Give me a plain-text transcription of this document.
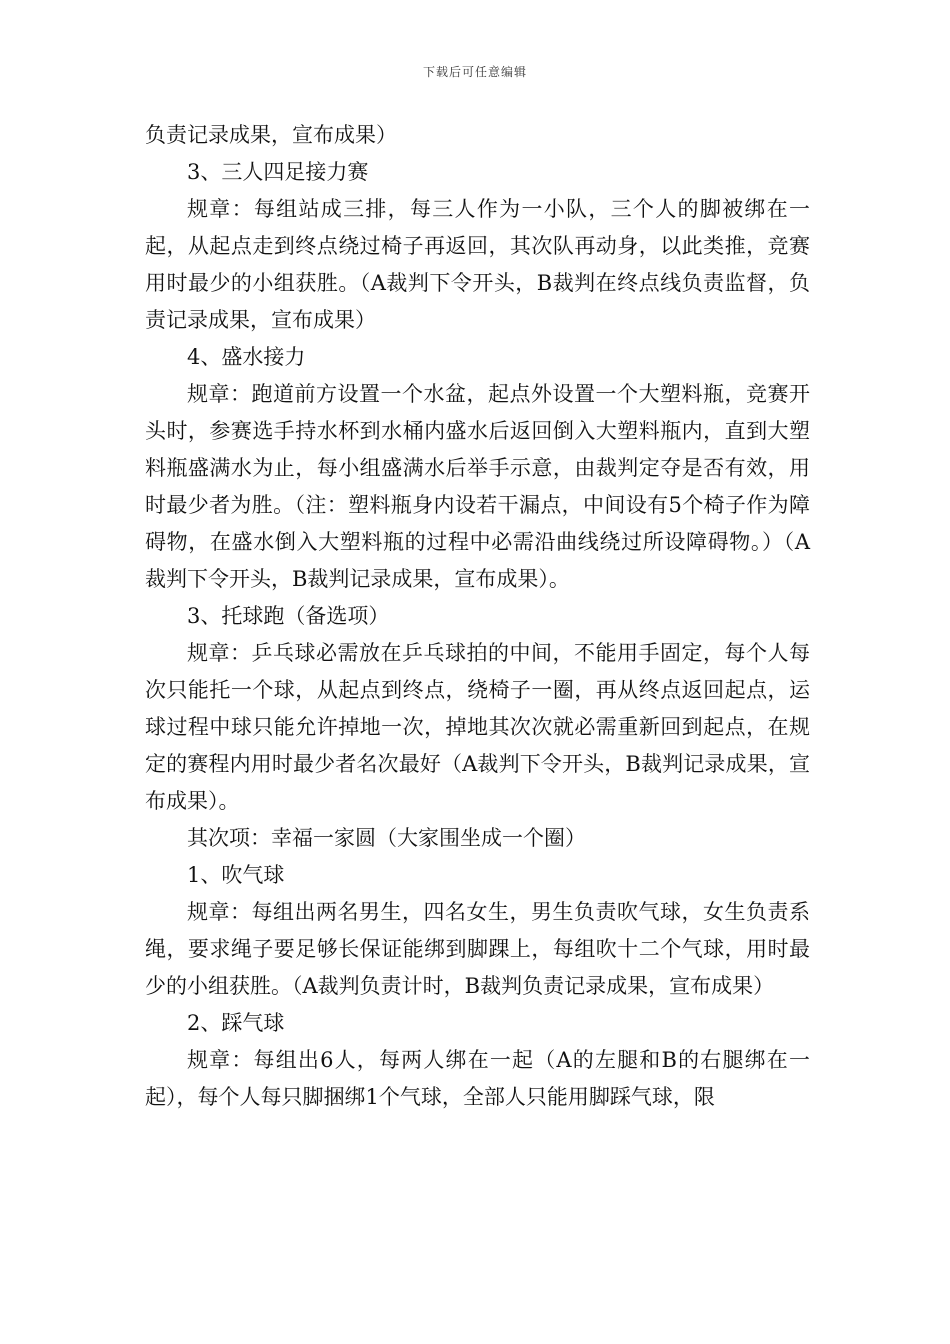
下载后可任意编辑

负责记录成果，宣布成果）

3、三人四足接力赛

规章：每组站成三排，每三人作为一小队，三个人的脚被绑在一起，从起点走到终点绕过椅子再返回，其次队再动身，以此类推，竞赛用时最少的小组获胜。（A裁判下令开头，B裁判在终点线负责监督，负责记录成果，宣布成果）

4、盛水接力

规章：跑道前方设置一个水盆，起点外设置一个大塑料瓶，竞赛开头时，参赛选手持水杯到水桶内盛水后返回倒入大塑料瓶内，直到大塑料瓶盛满水为止，每小组盛满水后举手示意，由裁判定夺是否有效，用时最少者为胜。（注：塑料瓶身内设若干漏点，中间设有5个椅子作为障碍物，在盛水倒入大塑料瓶的过程中必需沿曲线绕过所设障碍物。）（A裁判下令开头，B裁判记录成果，宣布成果）。

3、托球跑（备选项）

规章：乒乓球必需放在乒乓球拍的中间，不能用手固定，每个人每次只能托一个球，从起点到终点，绕椅子一圈，再从终点返回起点，运球过程中球只能允许掉地一次，掉地其次次就必需重新回到起点，在规定的赛程内用时最少者名次最好（A裁判下令开头，B裁判记录成果，宣布成果）。

其次项：幸福一家圆（大家围坐成一个圈）

1、吹气球

规章：每组出两名男生，四名女生，男生负责吹气球，女生负责系绳，要求绳子要足够长保证能绑到脚踝上，每组吹十二个气球，用时最少的小组获胜。（A裁判负责计时，B裁判负责记录成果，宣布成果）

2、踩气球

规章：每组出6人，每两人绑在一起（A的左腿和B的右腿绑在一起），每个人每只脚捆绑1个气球，全部人只能用脚踩气球，限
